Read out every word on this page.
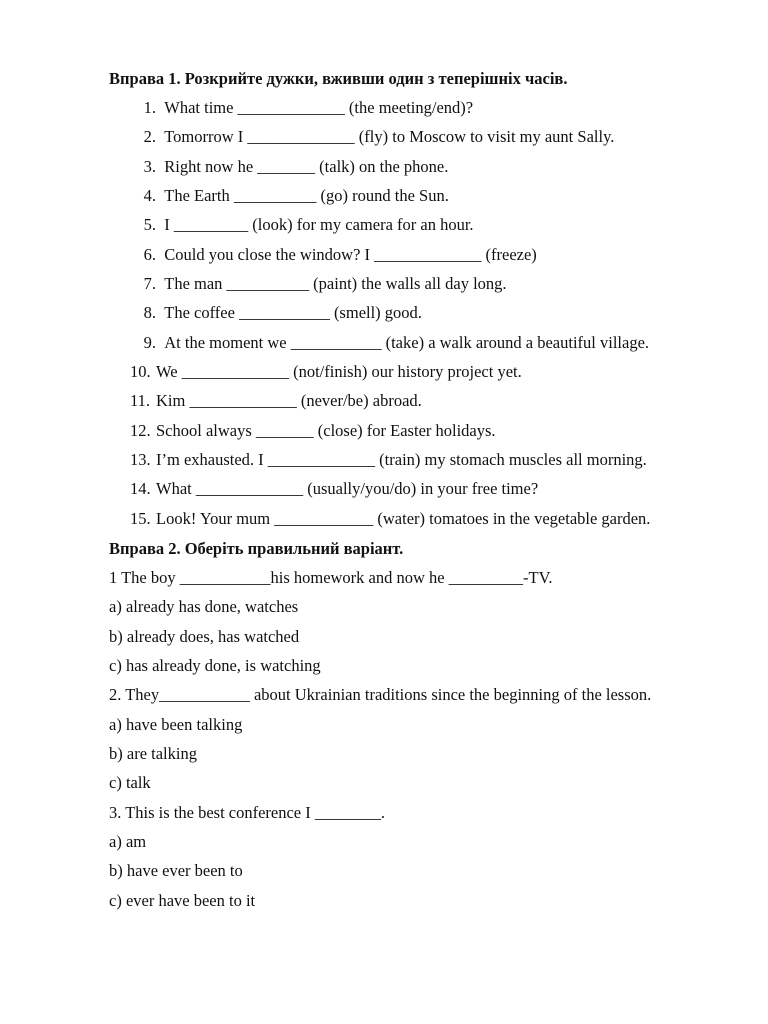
Вправа 1. Розкрийте дужки, вживши один з теперішніх часів.
1. What time _____________ (the meeting/end)?
2. Tomorrow I _____________ (fly) to Moscow to visit my aunt Sally.
3. Right now he _______ (talk) on the phone.
4. The Earth __________ (go) round the Sun.
5. I _________ (look) for my camera for an hour.
6. Could you close the window? I _____________ (freeze)
7. The man __________ (paint) the walls all day long.
8. The coffee ___________ (smell) good.
9. At the moment we ___________ (take) a walk around a beautiful village.
10. We _____________ (not/finish) our history project yet.
11. Kim _____________ (never/be) abroad.
12. School always _______ (close) for Easter holidays.
13. I’m exhausted. I _____________ (train) my stomach muscles all morning.
14. What _____________ (usually/you/do) in your free time?
15. Look! Your mum ____________ (water) tomatoes in the vegetable garden.
Вправа 2. Оберіть правильний варіант.
1 The boy ___________his homework and now he _________-TV.
a) already has done, watches
b) already does, has watched
c) has already done, is watching
2. They___________ about Ukrainian traditions since the beginning of the lesson.
a) have been talking
b) are talking
c) talk
3. This is the best conference I ________.
a) am
b) have ever been to
c) ever have been to it
